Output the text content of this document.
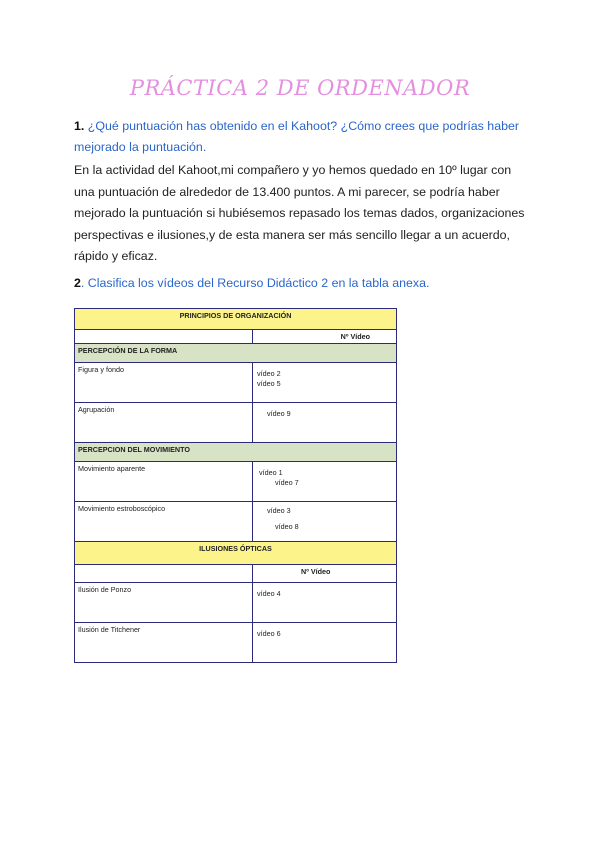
PRÁCTICA 2 DE ORDENADOR
1. ¿Qué puntuación has obtenido en el Kahoot? ¿Cómo crees que podrías haber mejorado la puntuación.
En la actividad del Kahoot,mi compañero y yo hemos quedado en 10º lugar con una puntuación de alrededor de 13.400 puntos. A mi parecer, se podría haber mejorado la puntuación si hubiésemos repasado los temas dados, organizaciones perspectivas e ilusiones,y de esta manera ser más sencillo llegar a un acuerdo, rápido y eficaz.
2. Clasifica los vídeos del Recurso Didáctico 2 en la tabla anexa.
PRINCIPIOS DE ORGANIZACIÓN	
	Nº Vídeo
PERCEPCIÓN DE LA FORMA	
Figura y fondo	vídeo 2
vídeo 5

Agrupación	vídeo 9

PERCEPCION DEL MOVIMIENTO	
Movimiento aparente	vídeo 1
vídeo 7

Movimiento estroboscópico	vídeo 3
vídeo 8

ILUSIONES ÓPTICAS	
	Nº Vídeo
Ilusión de Ponzo	vídeo 4

Ilusión de Titchener	vídeo 6
